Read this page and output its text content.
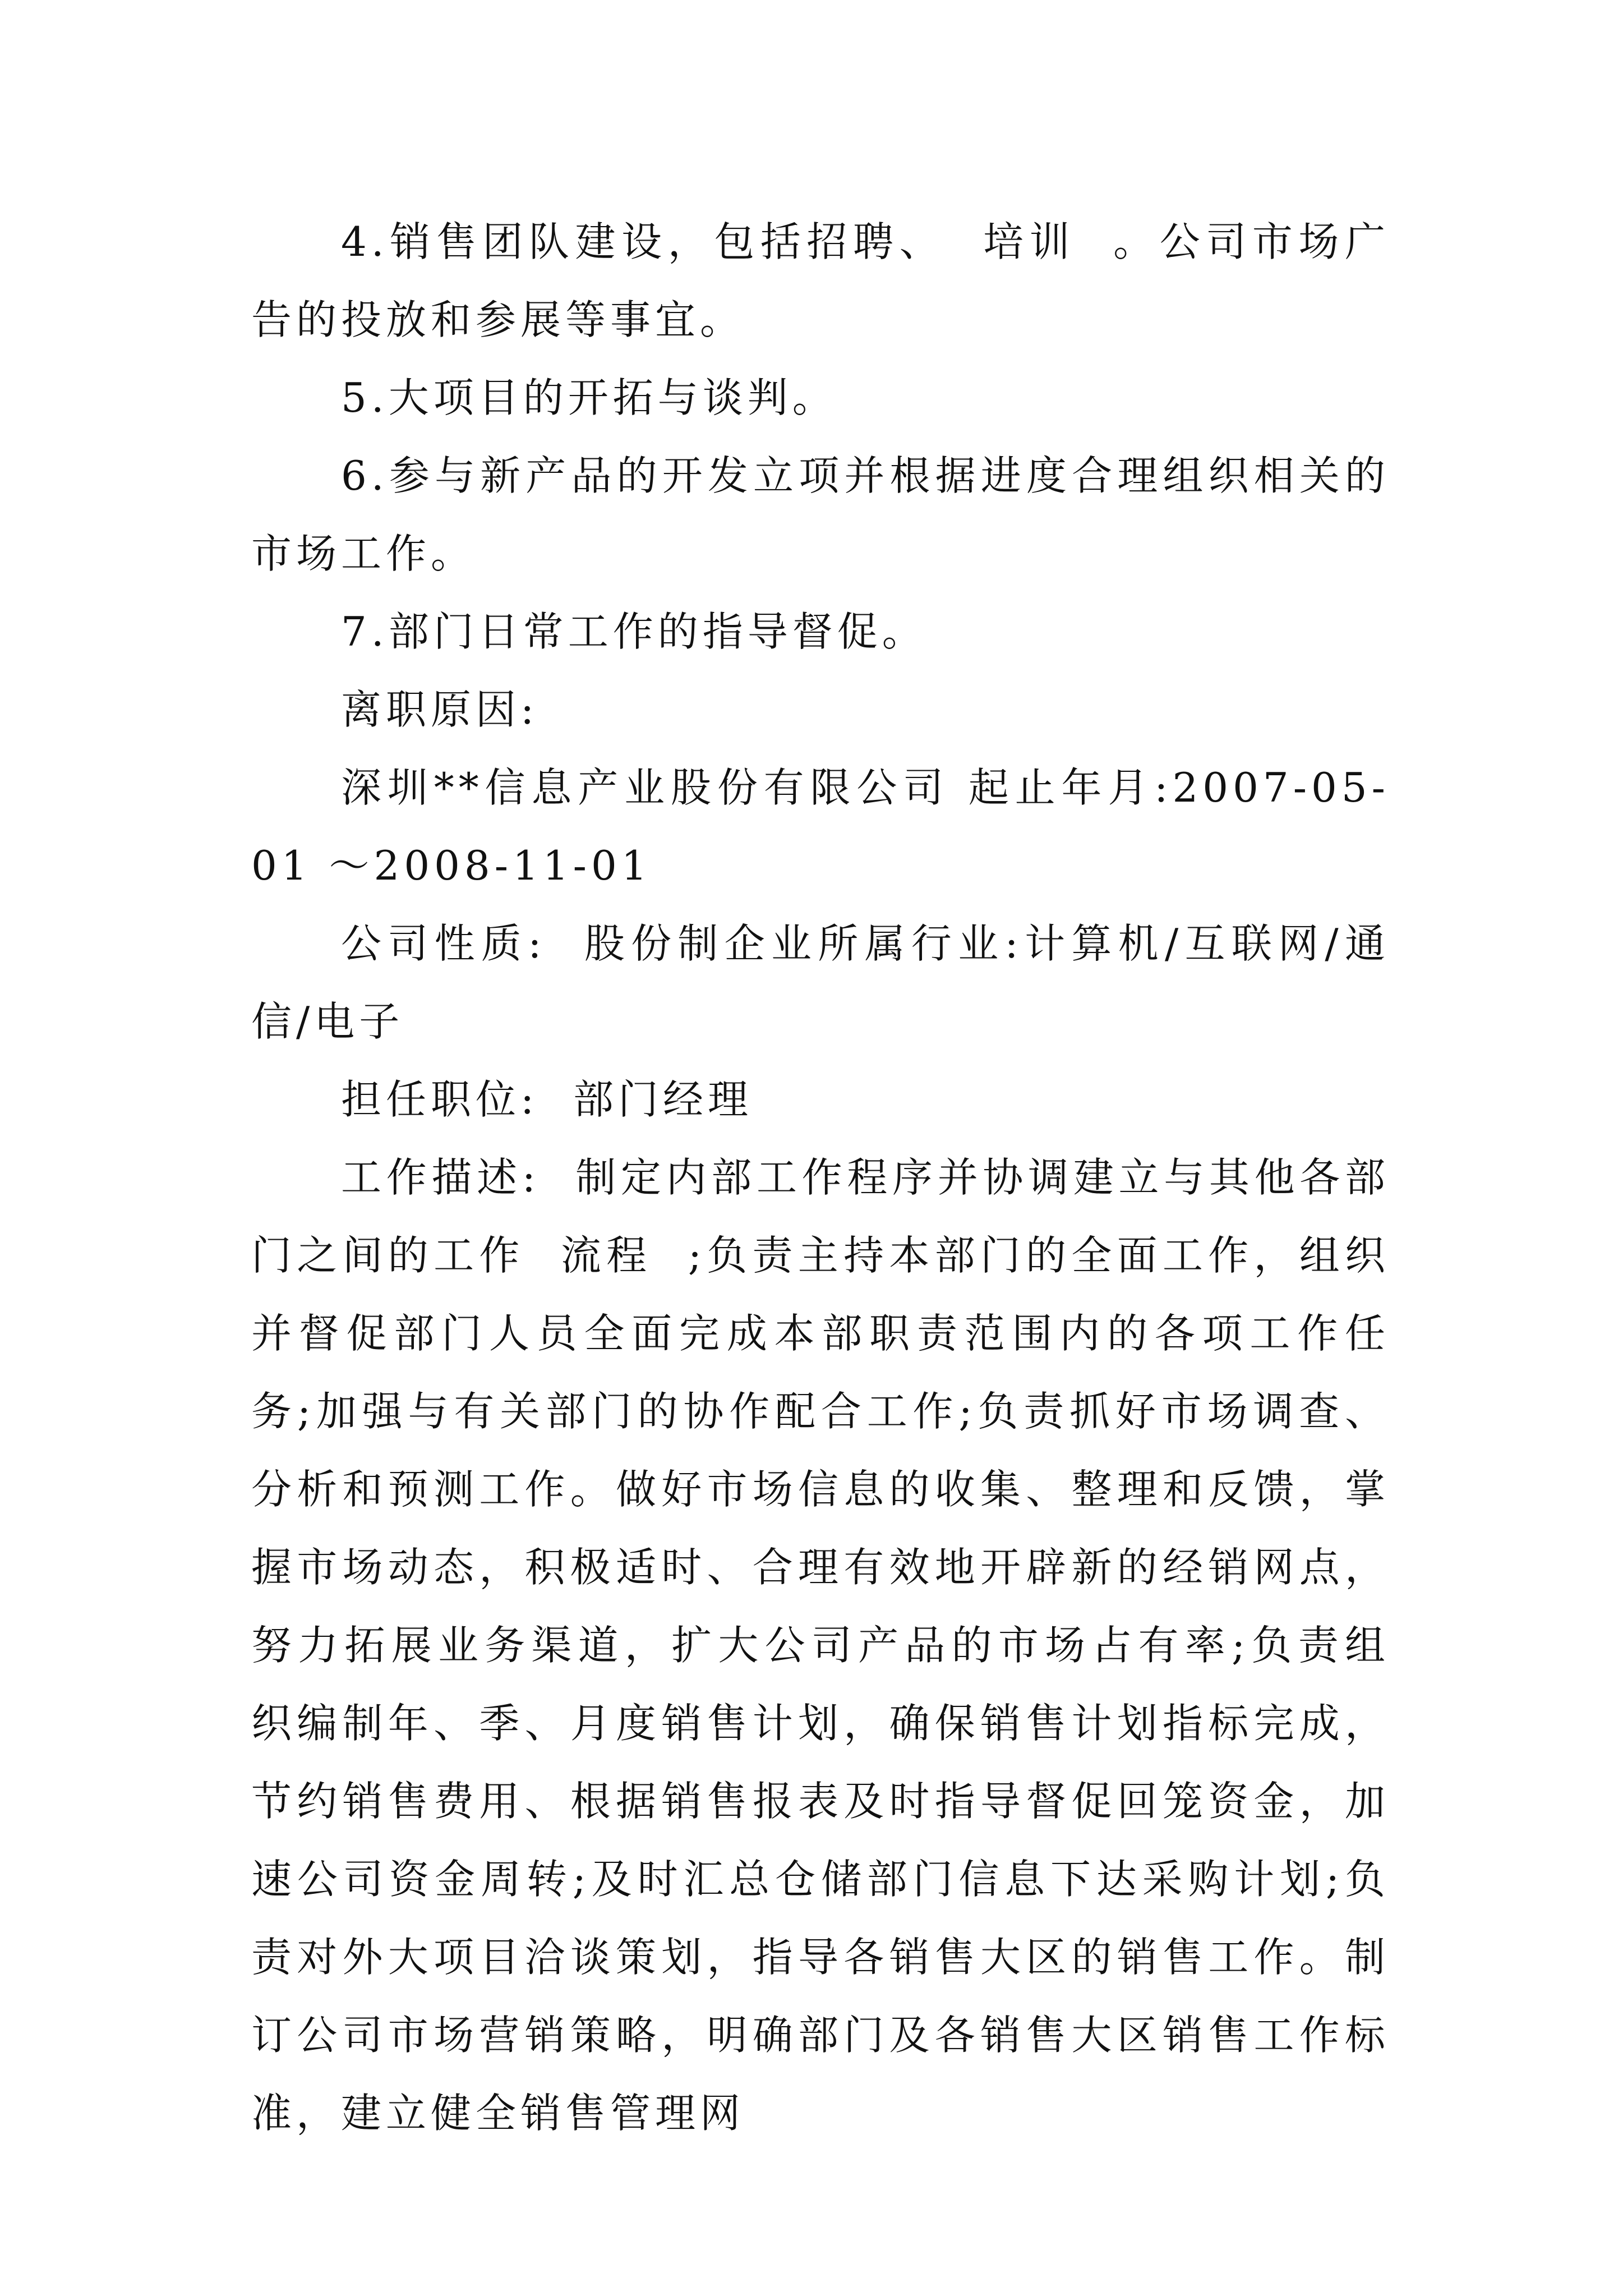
4.销售团队建设，包括招聘、  培训  。公司市场广告的投放和参展等事宜。

5.大项目的开拓与谈判。

6.参与新产品的开发立项并根据进度合理组织相关的市场工作。

7.部门日常工作的指导督促。

离职原因:

深圳**信息产业股份有限公司 起止年月:2007-05-01 ～2008-11-01

公司性质:  股份制企业所属行业:计算机/互联网/通信/电子

担任职位:  部门经理

工作描述:  制定内部工作程序并协调建立与其他各部门之间的工作  流程  ;负责主持本部门的全面工作，组织并督促部门人员全面完成本部职责范围内的各项工作任务;加强与有关部门的协作配合工作;负责抓好市场调查、分析和预测工作。做好市场信息的收集、整理和反馈，掌握市场动态，积极适时、合理有效地开辟新的经销网点，努力拓展业务渠道，扩大公司产品的市场占有率;负责组织编制年、季、月度销售计划，确保销售计划指标完成，节约销售费用、根据销售报表及时指导督促回笼资金，加速公司资金周转;及时汇总仓储部门信息下达采购计划;负责对外大项目洽谈策划，指导各销售大区的销售工作。制订公司市场营销策略，明确部门及各销售大区销售工作标准，建立健全销售管理网
